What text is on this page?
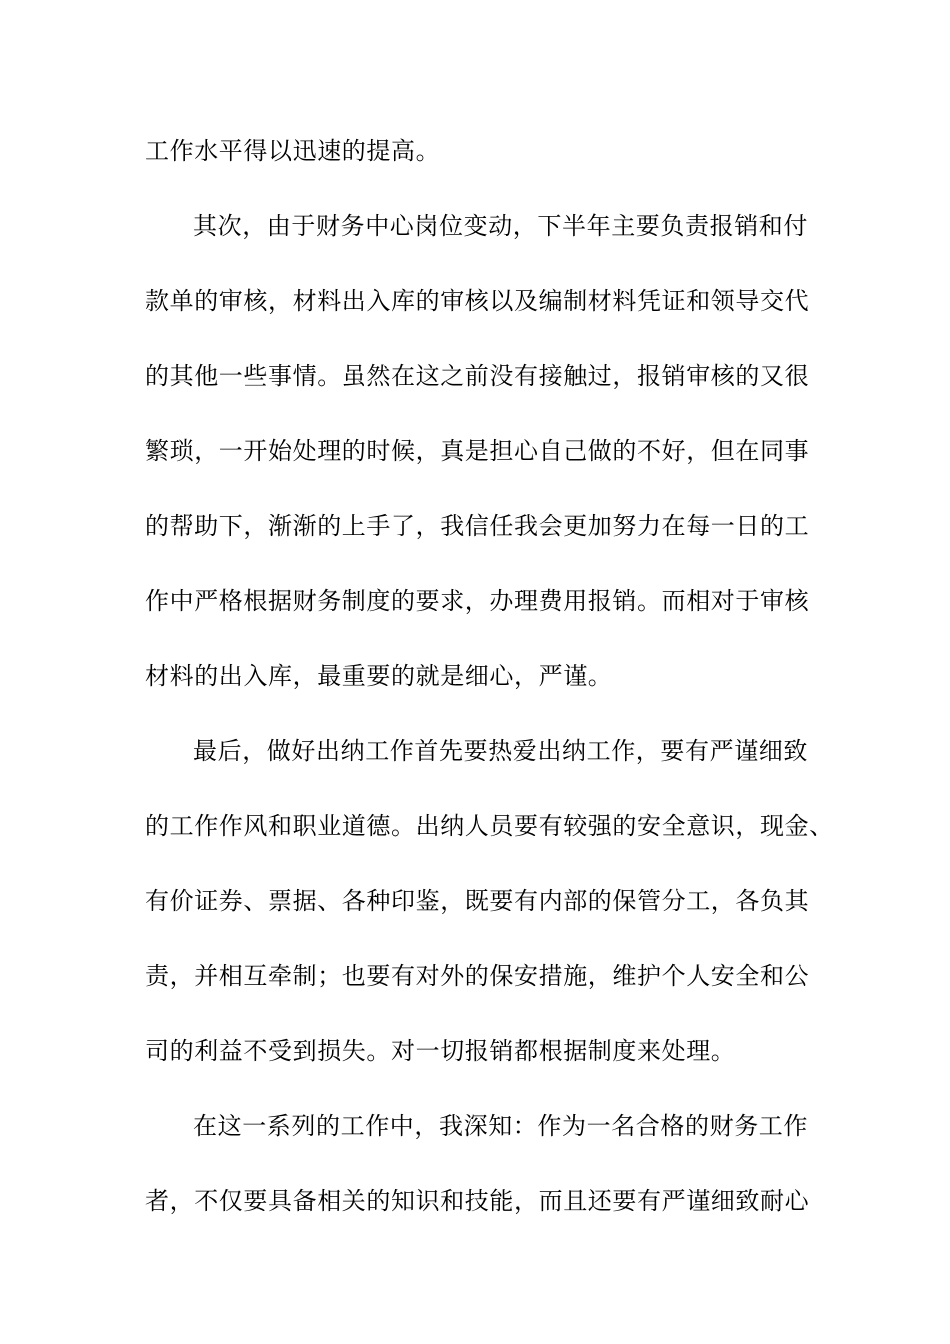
工作水平得以迅速的提高。
其次，由于财务中心岗位变动，下半年主要负责报销和付
款单的审核，材料出入库的审核以及编制材料凭证和领导交代
的其他一些事情。虽然在这之前没有接触过，报销审核的又很
繁琐，一开始处理的时候，真是担心自己做的不好，但在同事
的帮助下，渐渐的上手了，我信任我会更加努力在每一日的工
作中严格根据财务制度的要求，办理费用报销。而相对于审核
材料的出入库，最重要的就是细心，严谨。
最后，做好出纳工作首先要热爱出纳工作，要有严谨细致
的工作作风和职业道德。出纳人员要有较强的安全意识，现金、
有价证券、票据、各种印鉴，既要有内部的保管分工，各负其
责，并相互牵制；也要有对外的保安措施，维护个人安全和公
司的利益不受到损失。对一切报销都根据制度来处理。
在这一系列的工作中，我深知：作为一名合格的财务工作
者，不仅要具备相关的知识和技能，而且还要有严谨细致耐心
